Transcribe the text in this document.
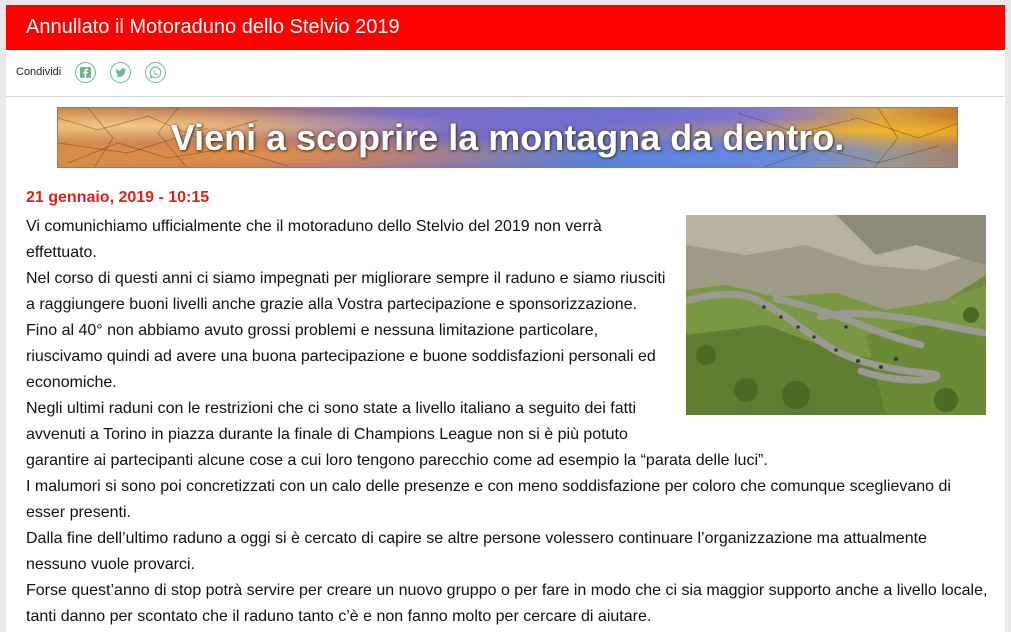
Annullato il Motoraduno dello Stelvio 2019
Condividi
Vieni a scoprire la montagna da dentro.
21 gennaio, 2019 - 10:15
Vi comunichiamo ufficialmente che il motoraduno dello Stelvio del 2019 non verrà
effettuato.
Nel corso di questi anni ci siamo impegnati per migliorare sempre il raduno e siamo riusciti
a raggiungere buoni livelli anche grazie alla Vostra partecipazione e sponsorizzazione.
Fino al 40° non abbiamo avuto grossi problemi e nessuna limitazione particolare,
riuscivamo quindi ad avere una buona partecipazione e buone soddisfazioni personali ed
economiche.
Negli ultimi raduni con le restrizioni che ci sono state a livello italiano a seguito dei fatti
avvenuti a Torino in piazza durante la finale di Champions League non si è più potuto
garantire ai partecipanti alcune cose a cui loro tengono parecchio come ad esempio la “parata delle luci”.
I malumori si sono poi concretizzati con un calo delle presenze e con meno soddisfazione per coloro che comunque sceglievano di
esser presenti.
Dalla fine dell’ultimo raduno a oggi si è cercato di capire se altre persone volessero continuare l’organizzazione ma attualmente
nessuno vuole provarci.
Forse quest’anno di stop potrà servire per creare un nuovo gruppo o per fare in modo che ci sia maggior supporto anche a livello locale,
tanti danno per scontato che il raduno tanto c’è e non fanno molto per cercare di aiutare.
